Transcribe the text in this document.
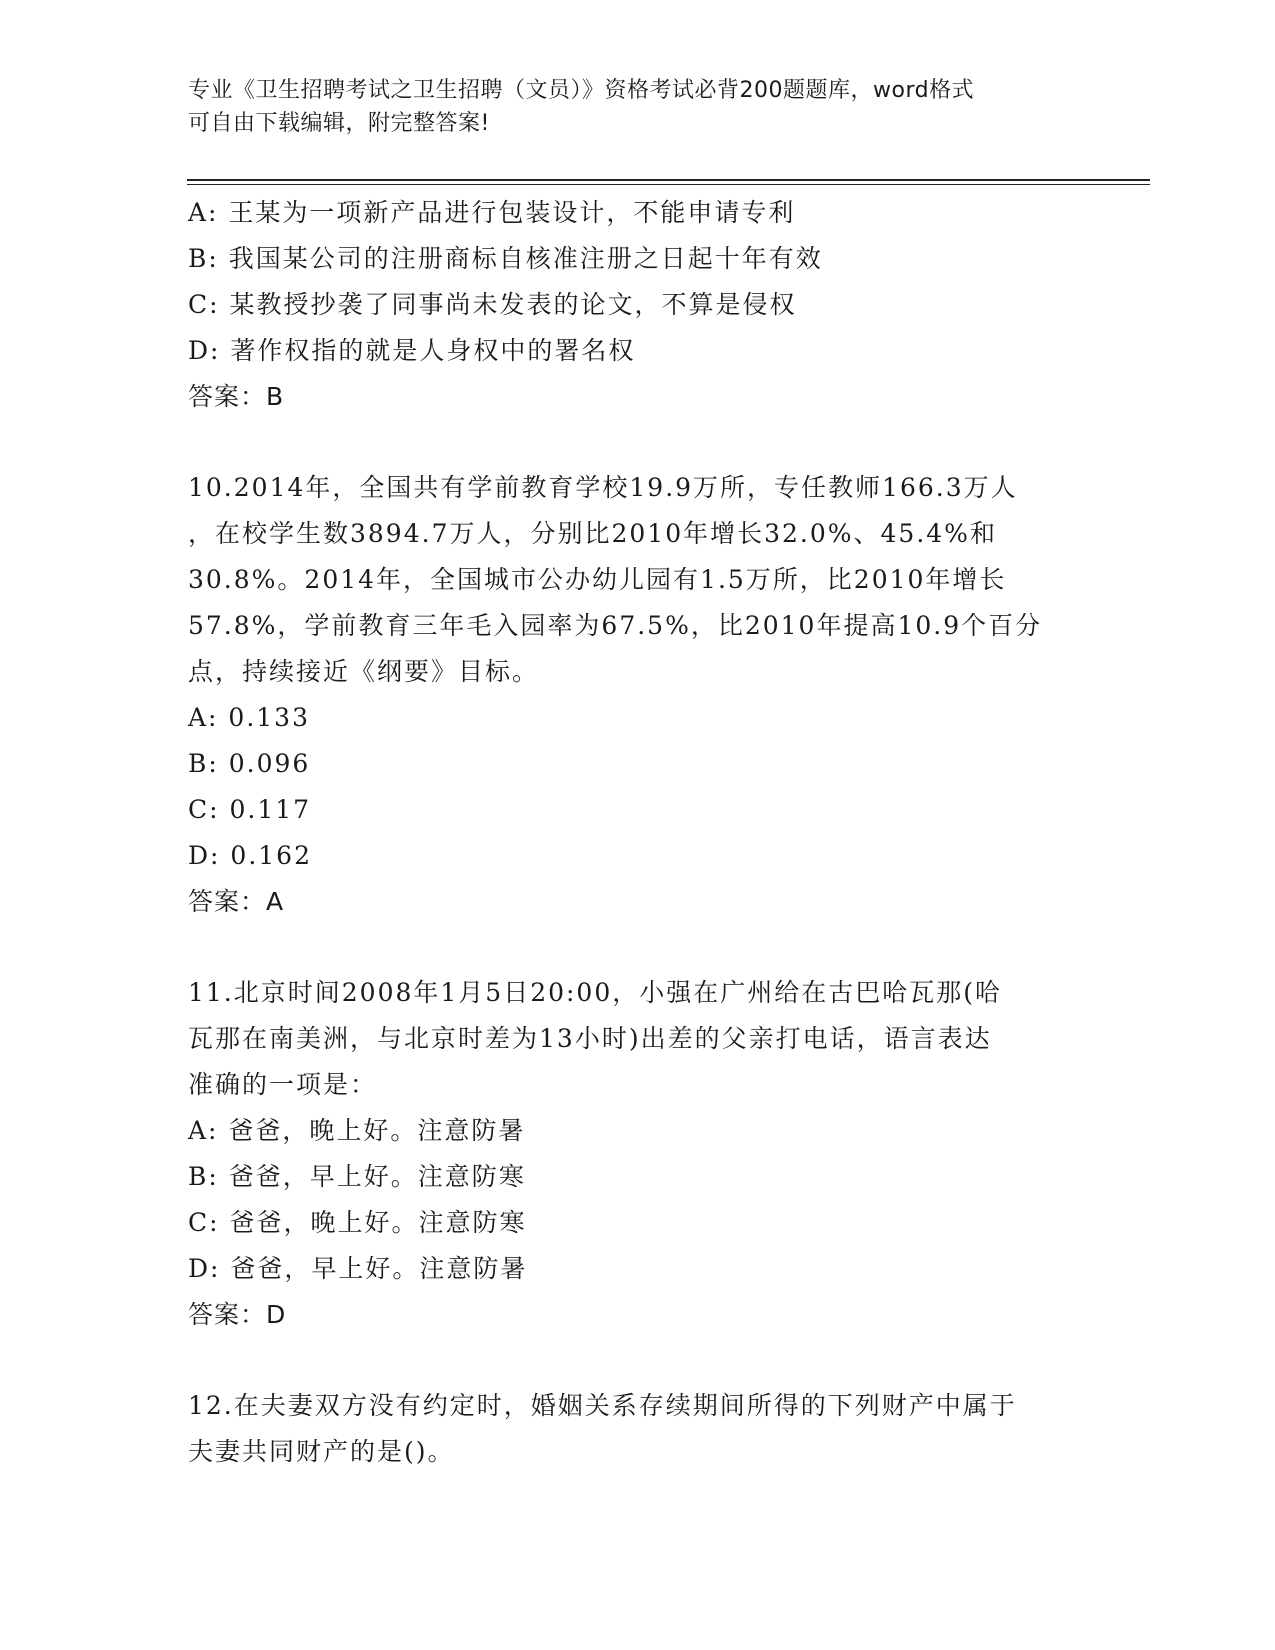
专业《卫生招聘考试之卫生招聘（文员）》资格考试必背200题题库，word格式
可自由下载编辑，附完整答案!
A: 王某为一项新产品进行包装设计，不能申请专利
B: 我国某公司的注册商标自核准注册之日起十年有效
C: 某教授抄袭了同事尚未发表的论文，不算是侵权
D: 著作权指的就是人身权中的署名权
答案：B
10.2014年，全国共有学前教育学校19.9万所，专任教师166.3万人
，在校学生数3894.7万人，分别比2010年增长32.0%、45.4%和
30.8%。2014年，全国城市公办幼儿园有1.5万所，比2010年增长
57.8%，学前教育三年毛入园率为67.5%，比2010年提高10.9个百分
点，持续接近《纲要》目标。
A: 0.133
B: 0.096
C: 0.117
D: 0.162
答案：A
11.北京时间2008年1月5日20:00，小强在广州给在古巴哈瓦那(哈
瓦那在南美洲，与北京时差为13小时)出差的父亲打电话，语言表达
准确的一项是：
A: 爸爸，晚上好。注意防暑
B: 爸爸，早上好。注意防寒
C: 爸爸，晚上好。注意防寒
D: 爸爸，早上好。注意防暑
答案：D
12.在夫妻双方没有约定时，婚姻关系存续期间所得的下列财产中属于
夫妻共同财产的是()。
